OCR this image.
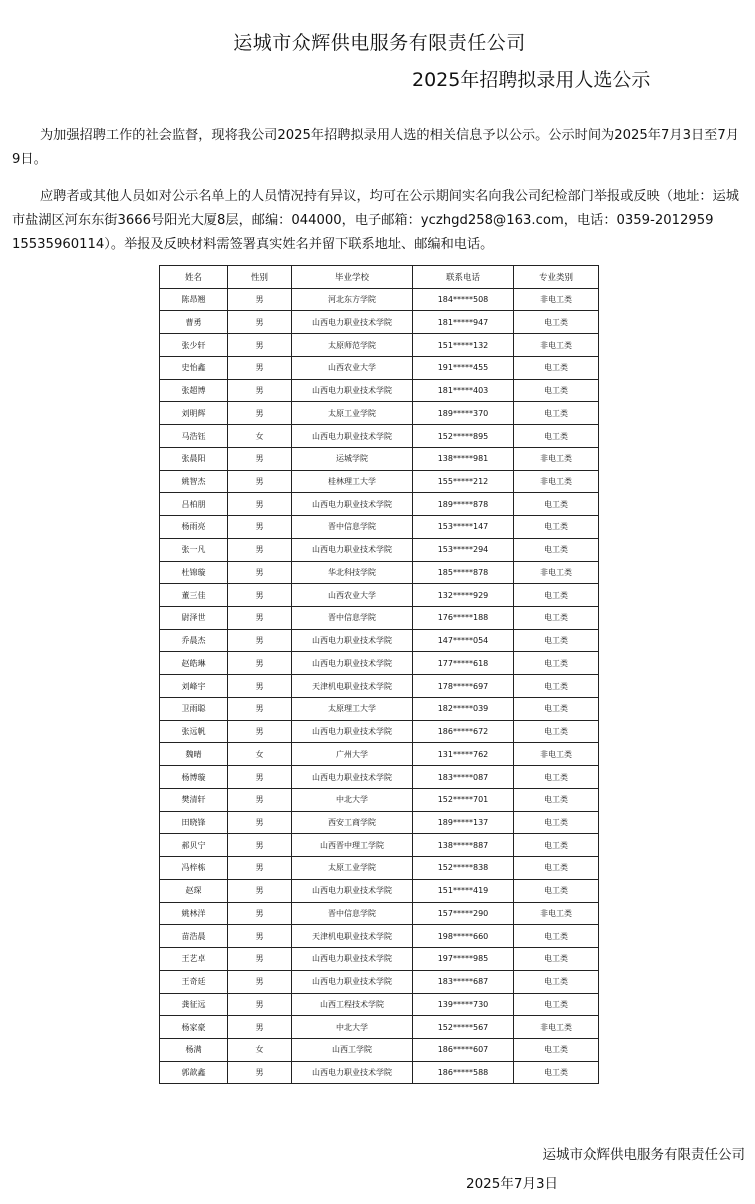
运城市众辉供电服务有限责任公司
2025年招聘拟录用人选公示
为加强招聘工作的社会监督，现将我公司2025年招聘拟录用人选的相关信息予以公示。公示时间为2025年7月3日至7月9日。
应聘者或其他人员如对公示名单上的人员情况持有异议，均可在公示期间实名向我公司纪检部门举报或反映（地址：运城市盐湖区河东东街3666号阳光大厦8层，邮编：044000，电子邮箱：yczhgd258@163.com，电话：0359-2012959 15535960114）。举报及反映材料需签署真实姓名并留下联系地址、邮编和电话。
姓名	性别	毕业学校	联系电话	专业类别
陈昂翘	男	河北东方学院	184*****508	非电工类
曹勇	男	山西电力职业技术学院	181*****947	电工类
张少轩	男	太原师范学院	151*****132	非电工类
史怡鑫	男	山西农业大学	191*****455	电工类
张超博	男	山西电力职业技术学院	181*****403	电工类
刘明辉	男	太原工业学院	189*****370	电工类
马浩钰	女	山西电力职业技术学院	152*****895	电工类
张晨阳	男	运城学院	138*****981	非电工类
姚智杰	男	桂林理工大学	155*****212	非电工类
吕柏朋	男	山西电力职业技术学院	189*****878	电工类
杨雨亮	男	晋中信息学院	153*****147	电工类
张一凡	男	山西电力职业技术学院	153*****294	电工类
杜锦璇	男	华北科技学院	185*****878	非电工类
董三佳	男	山西农业大学	132*****929	电工类
尉泽世	男	晋中信息学院	176*****188	电工类
乔晨杰	男	山西电力职业技术学院	147*****054	电工类
赵皓琳	男	山西电力职业技术学院	177*****618	电工类
刘峰宇	男	天津机电职业技术学院	178*****697	电工类
卫雨聪	男	太原理工大学	182*****039	电工类
张远帆	男	山西电力职业技术学院	186*****672	电工类
魏晴	女	广州大学	131*****762	非电工类
杨博璇	男	山西电力职业技术学院	183*****087	电工类
樊清轩	男	中北大学	152*****701	电工类
田晓锋	男	西安工商学院	189*****137	电工类
郝贝宁	男	山西晋中理工学院	138*****887	电工类
冯梓栋	男	太原工业学院	152*****838	电工类
赵琛	男	山西电力职业技术学院	151*****419	电工类
姚林洋	男	晋中信息学院	157*****290	非电工类
苗浩晨	男	天津机电职业技术学院	198*****660	电工类
王艺卓	男	山西电力职业技术学院	197*****985	电工类
王奇廷	男	山西电力职业技术学院	183*****687	电工类
龚征远	男	山西工程技术学院	139*****730	电工类
杨家豪	男	中北大学	152*****567	非电工类
杨满	女	山西工学院	186*****607	电工类
郭歆鑫	男	山西电力职业技术学院	186*****588	电工类
运城市众辉供电服务有限责任公司
2025年7月3日
